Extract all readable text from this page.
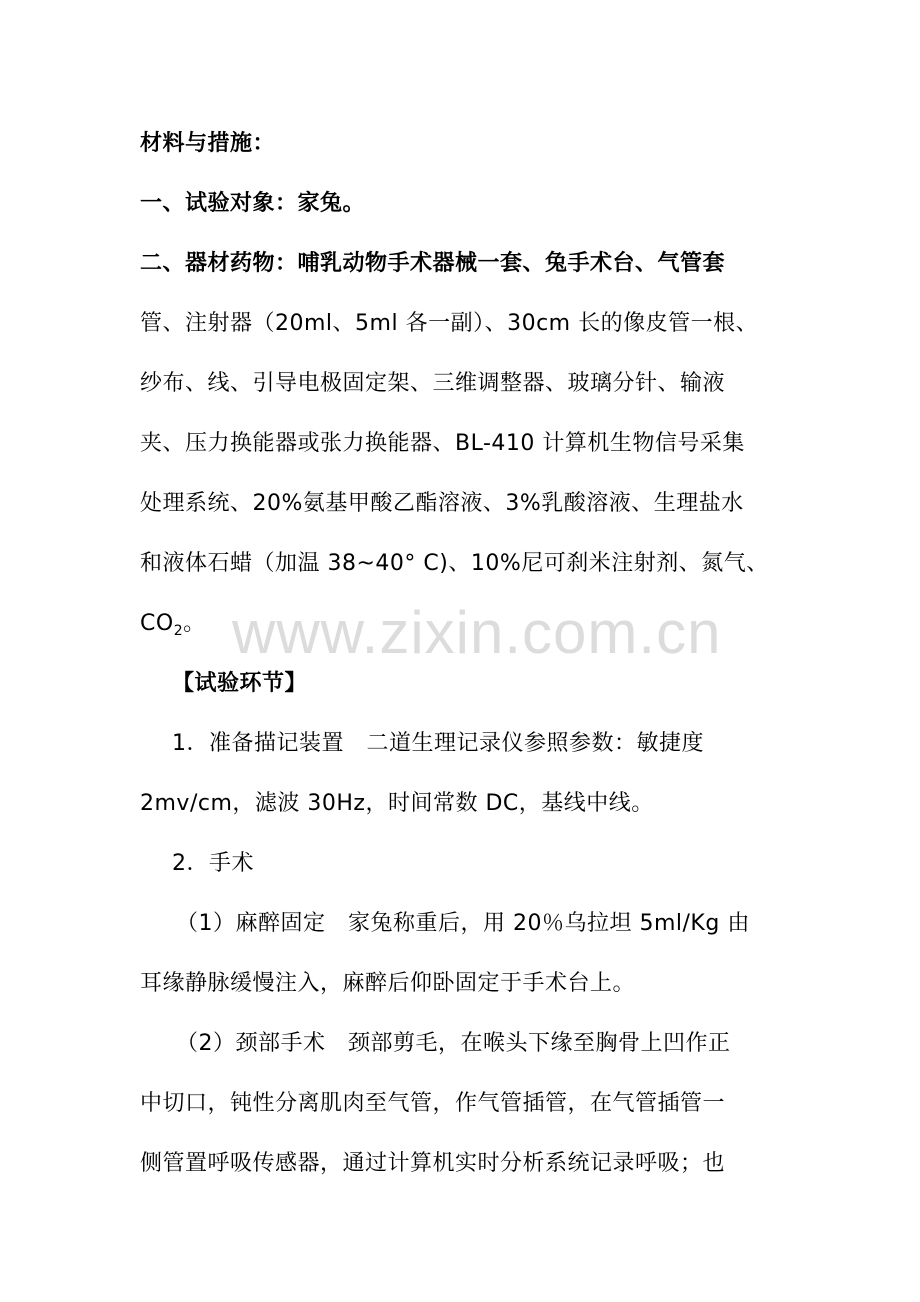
材料与措施：
一、试验对象：家兔。
二、器材药物：哺乳动物手术器械一套、兔手术台、气管套
管、注射器（20ml、5ml 各一副）、30cm 长的像皮管一根、
纱布、线、引导电极固定架、三维调整器、玻璃分针、输液
夹、压力换能器或张力换能器、BL-410 计算机生物信号采集
处理系统、20%氨基甲酸乙酯溶液、3%乳酸溶液、生理盐水
和液体石蜡（加温 38~40° C)、10%尼可刹米注射剂、氮气、
$CO_2$。 www.zixin.com.cn
【试验环节】
1．准备描记装置　二道生理记录仪参照参数：敏捷度
2mv/cm，滤波 30Hz，时间常数 DC，基线中线。
2．手术
（1）麻醉固定　家兔称重后，用 20％乌拉坦 5ml/Kg 由
耳缘静脉缓慢注入，麻醉后仰卧固定于手术台上。
（2）颈部手术　颈部剪毛，在喉头下缘至胸骨上凹作正
中切口，钝性分离肌肉至气管，作气管插管，在气管插管一
侧管置呼吸传感器，通过计算机实时分析系统记录呼吸；也
